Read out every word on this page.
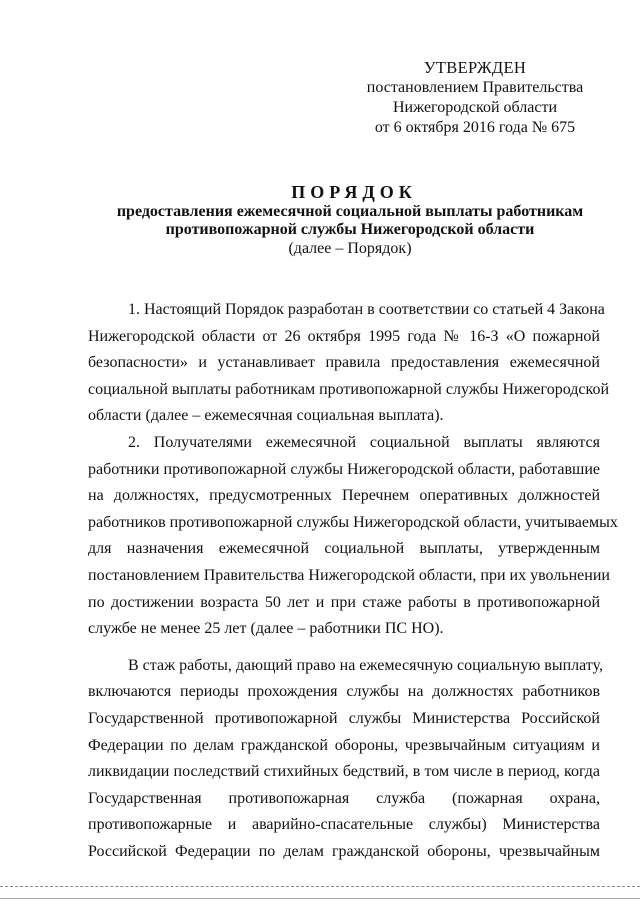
УТВЕРЖДЕН
постановлением Правительства
Нижегородской области
от 6 октября 2016 года № 675
ПОРЯДОК
предоставления ежемесячной социальной выплаты работникам
противопожарной службы Нижегородской области
(далее – Порядок)
1. Настоящий Порядок разработан в соответствии со статьей 4 Закона
Нижегородской области от 26 октября 1995 года № 16-З «О пожарной
безопасности» и устанавливает правила предоставления ежемесячной
социальной выплаты работникам противопожарной службы Нижегородской
области (далее – ежемесячная социальная выплата).
2. Получателями ежемесячной социальной выплаты являются
работники противопожарной службы Нижегородской области, работавшие
на должностях, предусмотренных Перечнем оперативных должностей
работников противопожарной службы Нижегородской области, учитываемых
для назначения ежемесячной социальной выплаты, утвержденным
постановлением Правительства Нижегородской области, при их увольнении
по достижении возраста 50 лет и при стаже работы в противопожарной
службе не менее 25 лет (далее – работники ПС НО).
В стаж работы, дающий право на ежемесячную социальную выплату,
включаются периоды прохождения службы на должностях работников
Государственной противопожарной службы Министерства Российской
Федерации по делам гражданской обороны, чрезвычайным ситуациям и
ликвидации последствий стихийных бедствий, в том числе в период, когда
Государственная противопожарная служба (пожарная охрана,
противопожарные и аварийно-спасательные службы) Министерства
Российской Федерации по делам гражданской обороны, чрезвычайным
